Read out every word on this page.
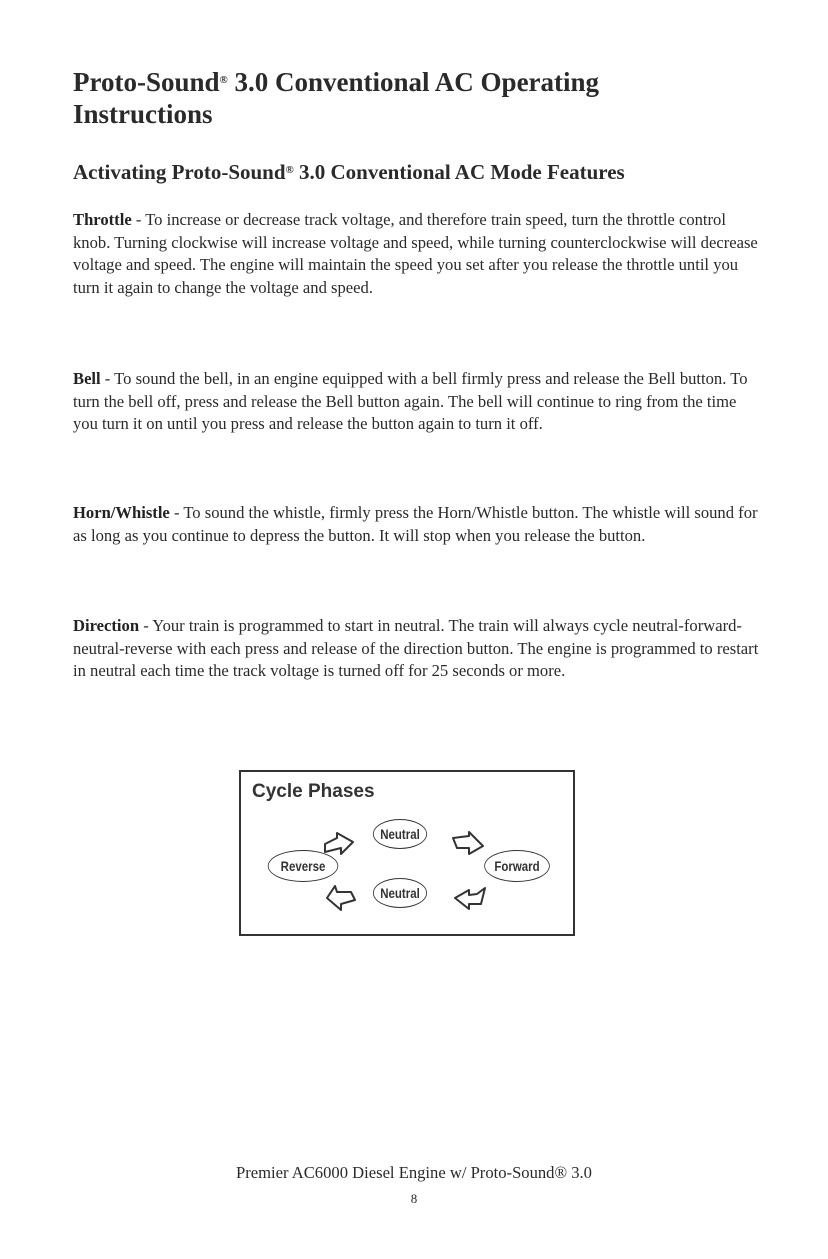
Proto-Sound® 3.0 Conventional AC Operating
Instructions
Activating Proto-Sound® 3.0 Conventional AC Mode Features

Throttle - To increase or decrease track voltage, and therefore train speed, turn the throttle control knob. Turning clockwise will increase voltage and speed, while turning counterclockwise will decrease voltage and speed. The engine will maintain the speed you set after you release the throttle until you turn it again to change the voltage and speed.

Bell - To sound the bell, in an engine equipped with a bell firmly press and release the Bell button. To turn the bell off, press and release the Bell button again. The bell will continue to ring from the time you turn it on until you press and release the button again to turn it off.

Horn/Whistle - To sound the whistle, firmly press the Horn/Whistle button. The whistle will sound for as long as you continue to depress the button. It will stop when you release the button.

Direction - Your train is programmed to start in neutral. The train will always cycle neutral-forward-neutral-reverse with each press and release of the direction button. The engine is programmed to restart in neutral each time the track voltage is turned off for 25 seconds or more.

Cycle Phases
Neutral
Forward
Neutral
Reverse

Premier AC6000 Diesel Engine w/ Proto-Sound® 3.0

8
